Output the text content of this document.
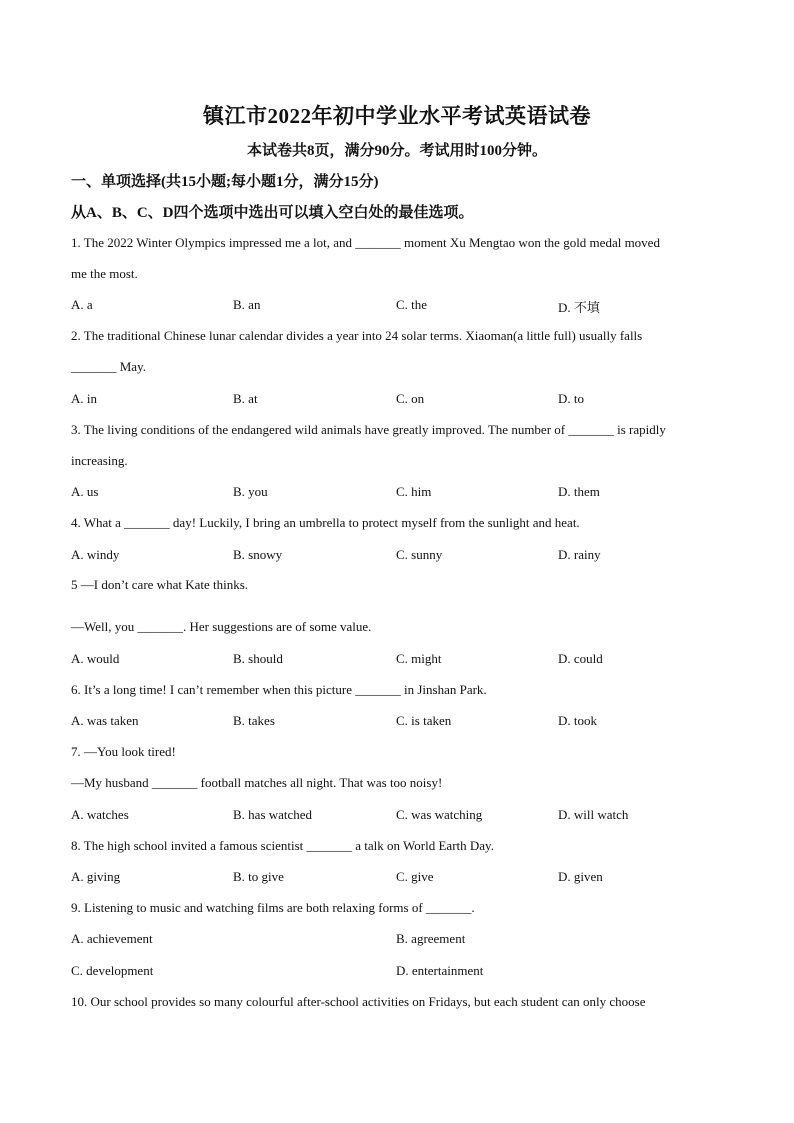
镇江市2022年初中学业水平考试英语试卷
本试卷共8页，满分90分。考试用时100分钟。
一、单项选择(共15小题;每小题1分，满分15分)
从A、B、C、D四个选项中选出可以填入空白处的最佳选项。
1. The 2022 Winter Olympics impressed me a lot, and _______ moment Xu Mengtao won the gold medal moved
me the most.
A. a	B. an	C. the	D. 不填
2. The traditional Chinese lunar calendar divides a year into 24 solar terms. Xiaoman(a little full) usually falls
_______ May.
A. in	B. at	C. on	D. to
3. The living conditions of the endangered wild animals have greatly improved. The number of _______ is rapidly
increasing.
A. us	B. you	C. him	D. them
4. What a _______ day! Luckily, I bring an umbrella to protect myself from the sunlight and heat.
A. windy	B. snowy	C. sunny	D. rainy
5 —I don’t care what Kate thinks.
—Well, you _______. Her suggestions are of some value.
A. would	B. should	C. might	D. could
6. It’s a long time! I can’t remember when this picture _______ in Jinshan Park.
A. was taken	B. takes	C. is taken	D. took
7. —You look tired!
—My husband _______ football matches all night. That was too noisy!
A. watches	B. has watched	C. was watching	D. will watch
8. The high school invited a famous scientist _______ a talk on World Earth Day.
A. giving	B. to give	C. give	D. given
9. Listening to music and watching films are both relaxing forms of _______.
A. achievement	B. agreement
C. development	D. entertainment
10. Our school provides so many colourful after-school activities on Fridays, but each student can only choose
